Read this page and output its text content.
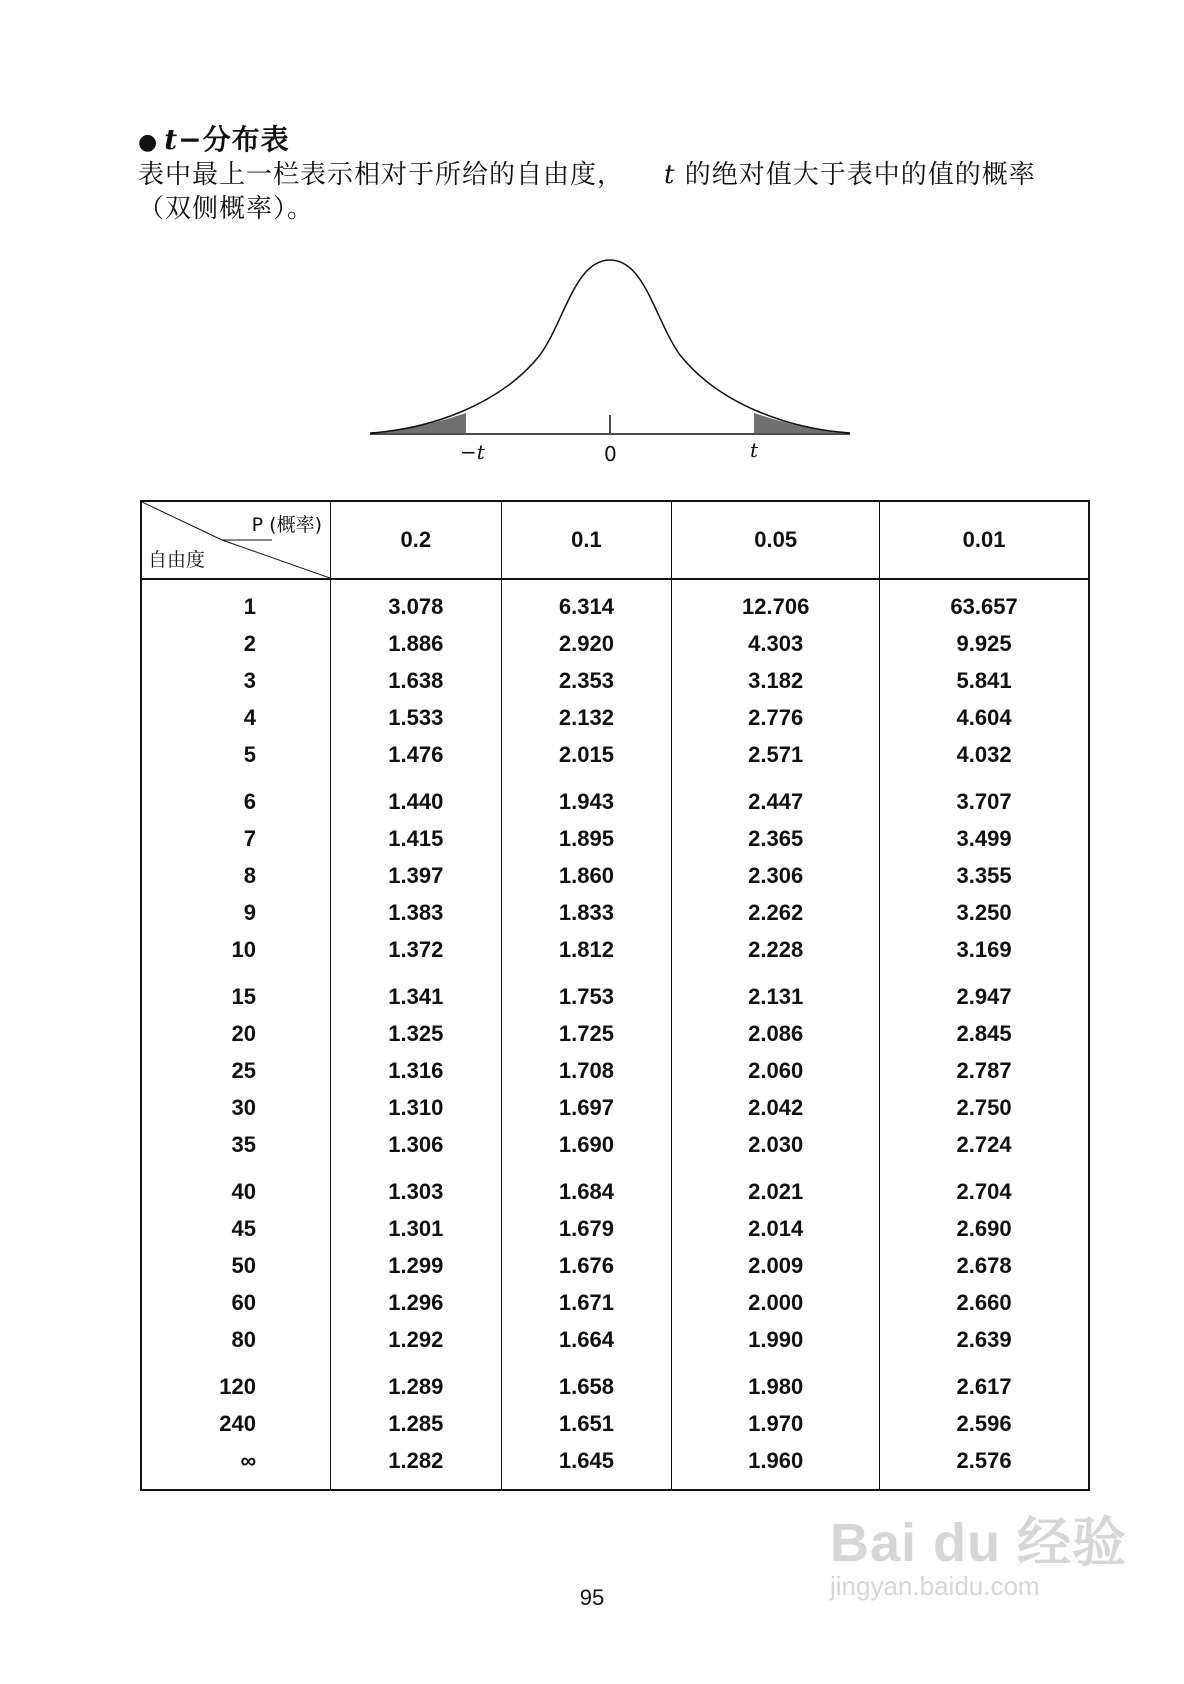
● t−分布表
表中最上一栏表示相对于所给的自由度， t 的绝对值大于表中的值的概率
（双侧概率）。
−t	0	t
P (概率)
自由度	0.2	0.1	0.05	0.01
1	3.078	6.314	12.706	63.657
2	1.886	2.920	4.303	9.925
3	1.638	2.353	3.182	5.841
4	1.533	2.132	2.776	4.604
5	1.476	2.015	2.571	4.032
6	1.440	1.943	2.447	3.707
7	1.415	1.895	2.365	3.499
8	1.397	1.860	2.306	3.355
9	1.383	1.833	2.262	3.250
10	1.372	1.812	2.228	3.169
15	1.341	1.753	2.131	2.947
20	1.325	1.725	2.086	2.845
25	1.316	1.708	2.060	2.787
30	1.310	1.697	2.042	2.750
35	1.306	1.690	2.030	2.724
40	1.303	1.684	2.021	2.704
45	1.301	1.679	2.014	2.690
50	1.299	1.676	2.009	2.678
60	1.296	1.671	2.000	2.660
80	1.292	1.664	1.990	2.639
120	1.289	1.658	1.980	2.617
240	1.285	1.651	1.970	2.596
∞	1.282	1.645	1.960	2.576
95
Bai du 经验
jingyan.baidu.com
